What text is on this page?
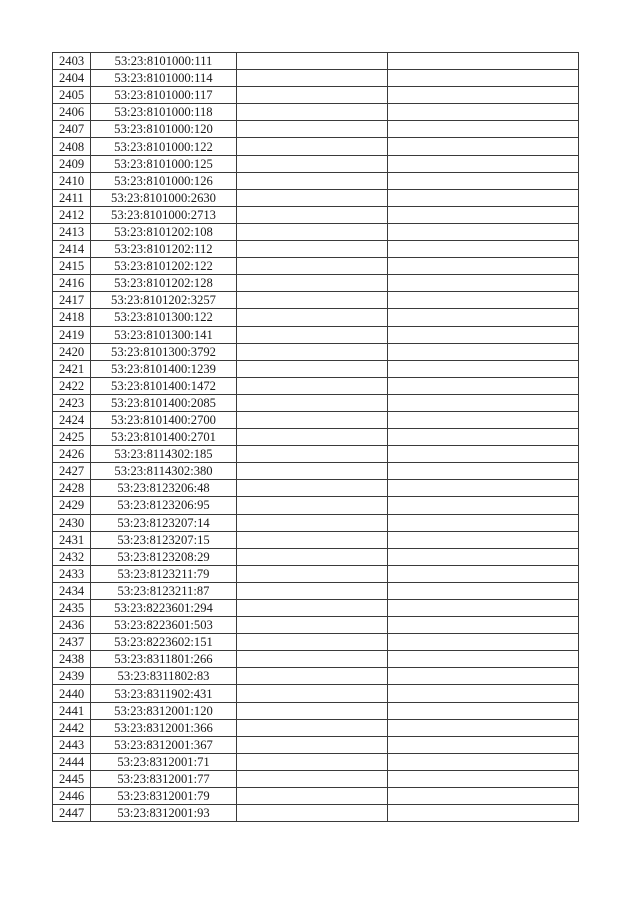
2403	53:23:8101000:111		
2404	53:23:8101000:114		
2405	53:23:8101000:117		
2406	53:23:8101000:118		
2407	53:23:8101000:120		
2408	53:23:8101000:122		
2409	53:23:8101000:125		
2410	53:23:8101000:126		
2411	53:23:8101000:2630		
2412	53:23:8101000:2713		
2413	53:23:8101202:108		
2414	53:23:8101202:112		
2415	53:23:8101202:122		
2416	53:23:8101202:128		
2417	53:23:8101202:3257		
2418	53:23:8101300:122		
2419	53:23:8101300:141		
2420	53:23:8101300:3792		
2421	53:23:8101400:1239		
2422	53:23:8101400:1472		
2423	53:23:8101400:2085		
2424	53:23:8101400:2700		
2425	53:23:8101400:2701		
2426	53:23:8114302:185		
2427	53:23:8114302:380		
2428	53:23:8123206:48		
2429	53:23:8123206:95		
2430	53:23:8123207:14		
2431	53:23:8123207:15		
2432	53:23:8123208:29		
2433	53:23:8123211:79		
2434	53:23:8123211:87		
2435	53:23:8223601:294		
2436	53:23:8223601:503		
2437	53:23:8223602:151		
2438	53:23:8311801:266		
2439	53:23:8311802:83		
2440	53:23:8311902:431		
2441	53:23:8312001:120		
2442	53:23:8312001:366		
2443	53:23:8312001:367		
2444	53:23:8312001:71		
2445	53:23:8312001:77		
2446	53:23:8312001:79		
2447	53:23:8312001:93		
